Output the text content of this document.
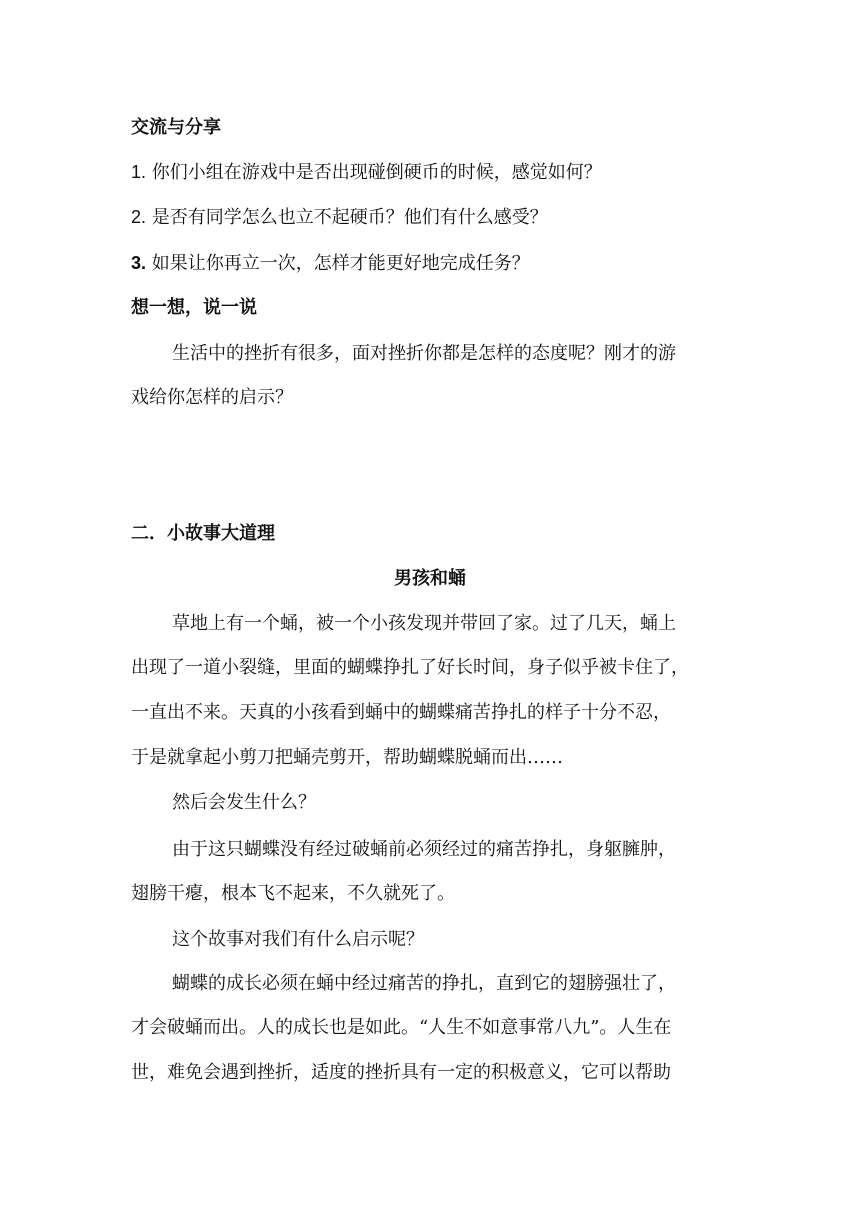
交流与分享
1. 你们小组在游戏中是否出现碰倒硬币的时候，感觉如何？
2. 是否有同学怎么也立不起硬币？他们有什么感受？
3. 如果让你再立一次，怎样才能更好地完成任务？
想一想，说一说
生活中的挫折有很多，面对挫折你都是怎样的态度呢？刚才的游
戏给你怎样的启示？
二．小故事大道理
男孩和蛹
草地上有一个蛹，被一个小孩发现并带回了家。过了几天，蛹上
出现了一道小裂缝，里面的蝴蝶挣扎了好长时间，身子似乎被卡住了，
一直出不来。天真的小孩看到蛹中的蝴蝶痛苦挣扎的样子十分不忍，
于是就拿起小剪刀把蛹壳剪开，帮助蝴蝶脱蛹而出……
然后会发生什么？
由于这只蝴蝶没有经过破蛹前必须经过的痛苦挣扎，身躯臃肿，
翅膀干瘪，根本飞不起来，不久就死了。
这个故事对我们有什么启示呢？
蝴蝶的成长必须在蛹中经过痛苦的挣扎，直到它的翅膀强壮了，
才会破蛹而出。人的成长也是如此。“人生不如意事常八九”。人生在
世，难免会遇到挫折，适度的挫折具有一定的积极意义，它可以帮助
